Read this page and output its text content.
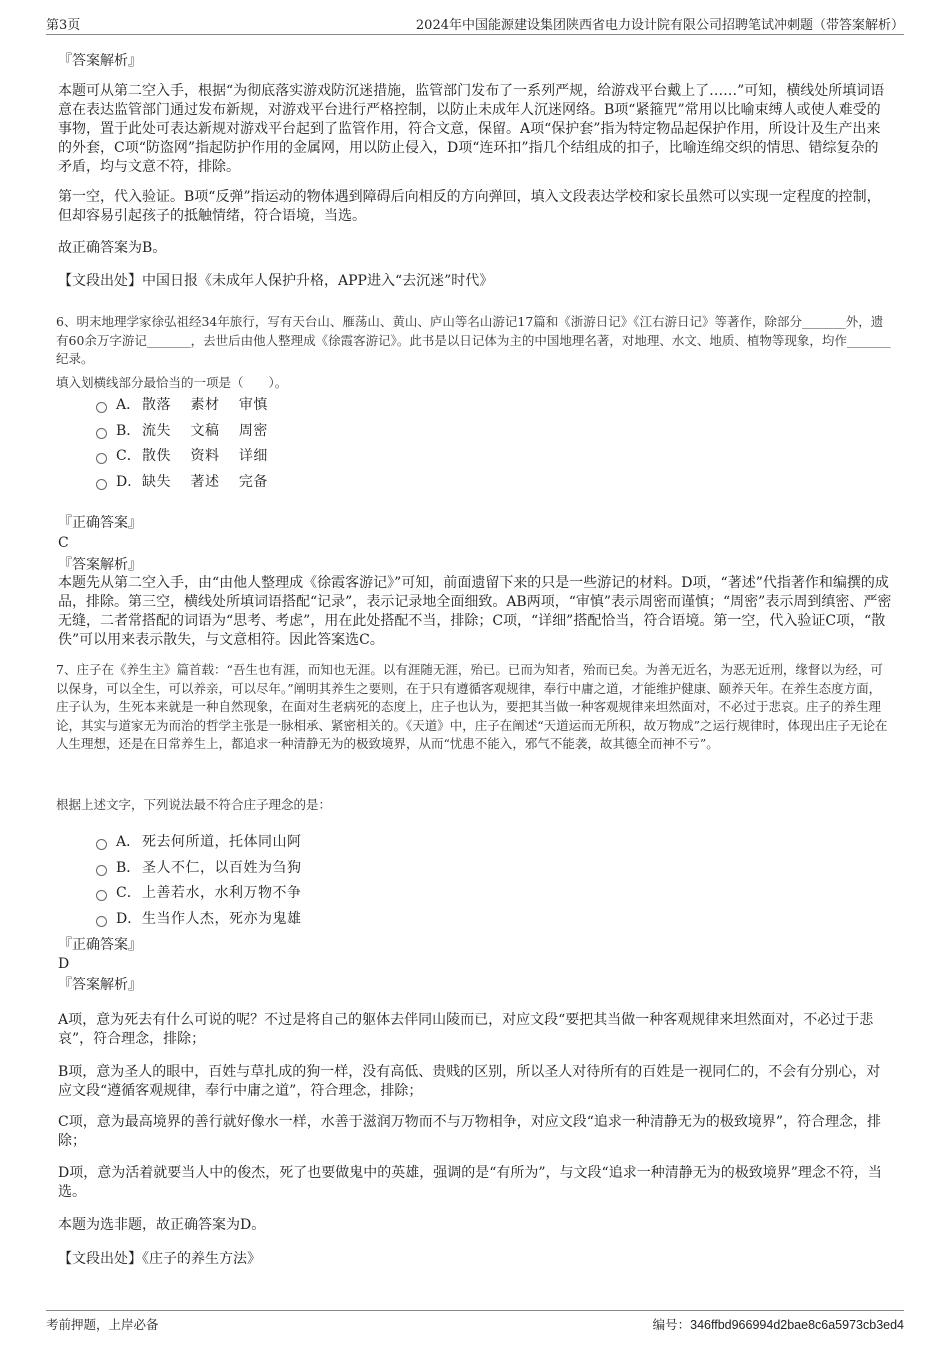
第3页	2024年中国能源建设集团陕西省电力设计院有限公司招聘笔试冲刺题（带答案解析）

『答案解析』

本题可从第二空入手，根据“为彻底落实游戏防沉迷措施，监管部门发布了一系列严规，给游戏平台戴上了……”可知，横线处所填词语意在表达监管部门通过发布新规，对游戏平台进行严格控制，以防止未成年人沉迷网络。B项“紧箍咒”常用以比喻束缚人或使人难受的事物，置于此处可表达新规对游戏平台起到了监管作用，符合文意，保留。A项“保护套”指为特定物品起保护作用，所设计及生产出来的外套，C项“防盗网”指起防护作用的金属网，用以防止侵入，D项“连环扣”指几个结组成的扣子，比喻连绵交织的情思、错综复杂的矛盾，均与文意不符，排除。

第一空，代入验证。B项“反弹”指运动的物体遇到障碍后向相反的方向弹回，填入文段表达学校和家长虽然可以实现一定程度的控制，但却容易引起孩子的抵触情绪，符合语境，当选。

故正确答案为B。

【文段出处】中国日报《未成年人保护升格，APP进入“去沉迷”时代》

6、明末地理学家徐弘祖经34年旅行，写有天台山、雁荡山、黄山、庐山等名山游记17篇和《浙游日记》《江右游日记》等著作，除部分_______外，遗有60余万字游记_______，去世后由他人整理成《徐霞客游记》。此书是以日记体为主的中国地理名著，对地理、水文、地质、植物等现象，均作_______纪录。

填入划横线部分最恰当的一项是（　　）。

A． 散落　 素材　 审慎
B． 流失　 文稿　 周密
C． 散佚　 资料　 详细
D． 缺失　 著述　 完备

『正确答案』

C

『答案解析』

本题先从第二空入手，由“由他人整理成《徐霞客游记》”可知，前面遗留下来的只是一些游记的材料。D项，“著述”代指著作和编撰的成品，排除。第三空，横线处所填词语搭配“记录”，表示记录地全面细致。AB两项，“审慎”表示周密而谨慎；“周密”表示周到缜密、严密无缝，二者常搭配的词语为“思考、考虑”，用在此处搭配不当，排除；C项，“详细”搭配恰当，符合语境。第一空，代入验证C项，“散佚”可以用来表示散失，与文意相符。因此答案选C。

7、庄子在《养生主》篇首载：“吾生也有涯，而知也无涯。以有涯随无涯，殆已。已而为知者，殆而已矣。为善无近名，为恶无近刑，缘督以为经，可以保身，可以全生，可以养亲，可以尽年。”阐明其养生之要则，在于只有遵循客观规律，奉行中庸之道，才能维护健康、颐养天年。在养生态度方面，庄子认为，生死本来就是一种自然现象，在面对生老病死的态度上，庄子也认为，要把其当做一种客观规律来坦然面对，不必过于悲哀。庄子的养生理论，其实与道家无为而治的哲学主张是一脉相承、紧密相关的。《天道》中，庄子在阐述“天道运而无所积，故万物成”之运行规律时，体现出庄子无论在人生理想，还是在日常养生上，都追求一种清静无为的极致境界，从而“忧患不能入，邪气不能袭，故其德全而神不亏”。

根据上述文字，下列说法最不符合庄子理念的是：

A． 死去何所道，托体同山阿
B． 圣人不仁，以百姓为刍狗
C． 上善若水，水利万物不争
D． 生当作人杰，死亦为鬼雄

『正确答案』

D

『答案解析』

A项，意为死去有什么可说的呢？不过是将自己的躯体去伴同山陵而已，对应文段“要把其当做一种客观规律来坦然面对，不必过于悲哀”，符合理念，排除；

B项，意为圣人的眼中，百姓与草扎成的狗一样，没有高低、贵贱的区别，所以圣人对待所有的百姓是一视同仁的，不会有分别心，对应文段“遵循客观规律，奉行中庸之道”，符合理念，排除；

C项，意为最高境界的善行就好像水一样，水善于滋润万物而不与万物相争，对应文段“追求一种清静无为的极致境界”，符合理念，排除；

D项，意为活着就要当人中的俊杰，死了也要做鬼中的英雄，强调的是“有所为”，与文段“追求一种清静无为的极致境界”理念不符，当选。

本题为选非题，故正确答案为D。

【文段出处】《庄子的养生方法》

考前押题，上岸必备	编号：346ffbd966994d2bae8c6a5973cb3ed4
